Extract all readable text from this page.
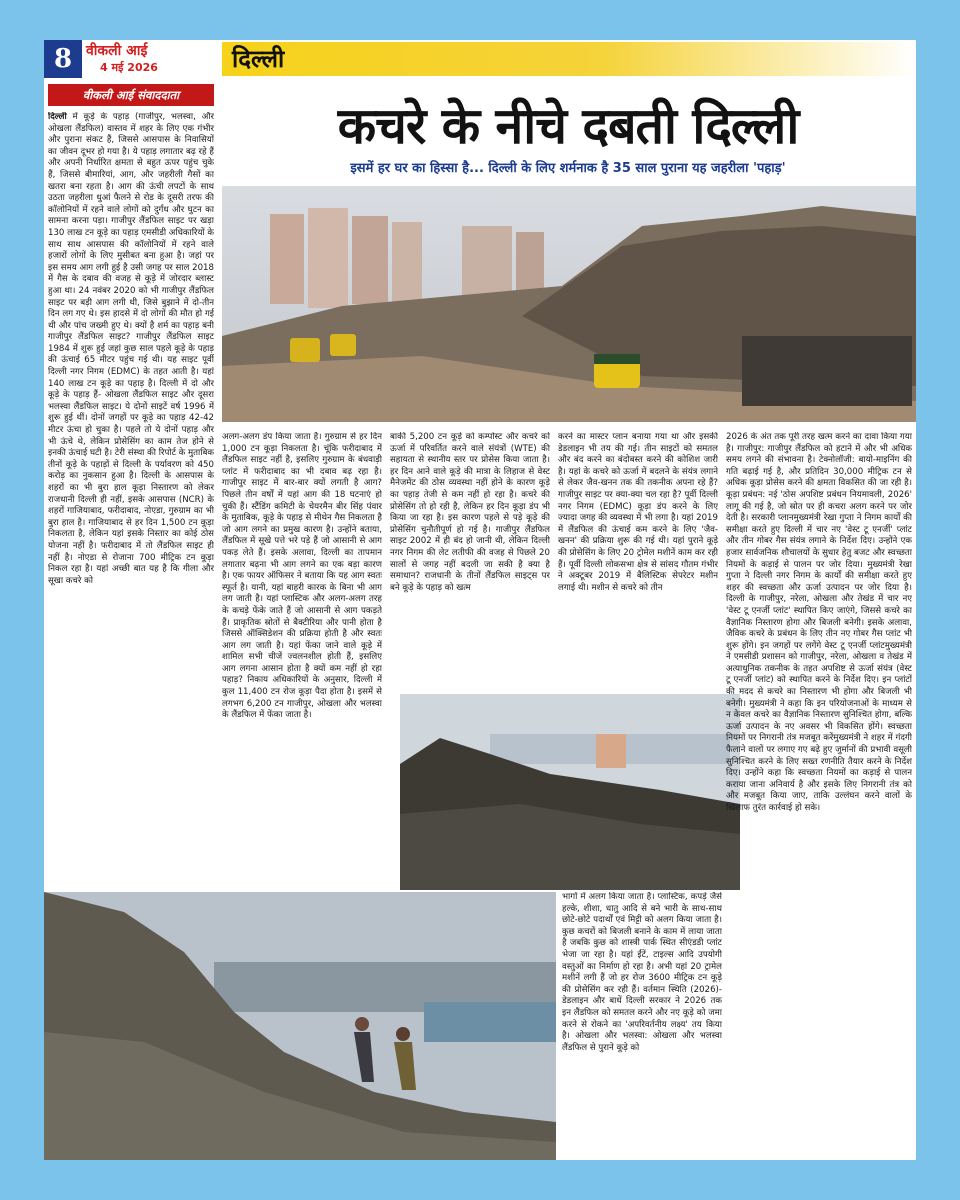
8 वीकली आई
4 मई 2026	दिल्ली
वीकली आई संवाददाता
कचरे के नीचे दबती दिल्ली
इसमें हर घर का हिस्सा है... दिल्ली के लिए शर्मनाक है 35 साल पुराना यह जहरीला 'पहाड़'

दिल्ली में कूड़े के पहाड़ (गाजीपुर, भलस्वा, और ओखला लैंडफिल) वास्तव में शहर के लिए एक गंभीर और पुराना संकट हैं, जिससे आसपास के निवासियों का जीवन दूभर हो गया है। ये पहाड़ लगातार बढ़ रहे हैं और अपनी निर्धारित क्षमता से बहुत ऊपर पहुंच चुके हैं, जिससे बीमारियां, आग, और जहरीली गैसों का खतरा बना रहता है। आग की ऊंची लपटों के साथ उठता जहरीला धुआं फैलने से रोड के दूसरी तरफ की कॉलोनियों में रहने वाले लोगों को दुर्गंध और घुटन का सामना करना पड़ा। गाजीपुर लैंडफिल साइट पर खड़ा 130 लाख टन कूड़े का पहाड़ एमसीडी अधिकारियों के साथ साथ आसपास की कॉलोनियों में रहने वाले हजारों लोगों के लिए मुसीबत बना हुआ है। जहां पर इस समय आग लगी हुई है उसी जगह पर साल 2018 में गैस के दबाव की वजह से कूड़े में जोरदार ब्लास्ट हुआ था। 24 नवंबर 2020 को भी गाजीपुर लैंडफिल साइट पर बड़ी आग लगी थी, जिसे बुझाने में दो-तीन दिन लग गए थे। इस हादसे में दो लोगों की मौत हो गई थी और पांच जख्मी हुए थे। क्यों है शर्म का पहाड़ बनी गाजीपुर लैंडफिल साइट? गाजीपुर लैंडफिल साइट 1984 में शुरू हुई जहां कुछ साल पहले कूड़े के पहाड़ की ऊंचाई 65 मीटर पहुंच गई थी। यह साइट पूर्वी दिल्ली नगर निगम (EDMC) के तहत आती है। यहां 140 लाख टन कूड़े का पहाड़ है। दिल्ली में दो और कूड़े के पहाड़ हैं- ओखला लैंडफिल साइट और दूसरा भलस्वा लैंडफिल साइट। ये दोनों साइटें वर्ष 1996 में शुरू हुई थीं। दोनों जगहों पर कूड़े का पहाड़ 42-42 मीटर ऊंचा हो चुका है। पहले तो ये दोनों पहाड़ और भी ऊंचे थे, लेकिन प्रोसेसिंग का काम तेज होने से इनकी ऊंचाई घटी है। टेरी संस्था की रिपोर्ट के मुताबिक तीनों कूड़े के पहाड़ों से दिल्ली के पर्यावरण को 450 करोड़ का नुकसान हुआ है। दिल्ली के आसपास के शहरों का भी बुरा हाल कूड़ा निस्तारण को लेकर राजधानी दिल्ली ही नहीं, इसके आसपास (NCR) के शहरों गाजियाबाद, फरीदाबाद, नोएडा, गुरुग्राम का भी बुरा हाल है। गाजियाबाद से हर दिन 1,500 टन कूड़ा निकलता है, लेकिन यहां इसके निस्तार का कोई ठोस योजना नहीं है। फरीदाबाद में तो लैंडफिल साइट ही नहीं है। नोएडा से रोजाना 700 मीट्रिक टन कूड़ा निकल रहा है। यहां अच्छी बात यह है कि गीला और सूखा कचरे को

अलग-अलग डंप किया जाता है। गुरुग्राम से हर दिन 1,000 टन कूड़ा निकलता है। चूंकि फरीदाबाद में लैंडफिल साइट नहीं है, इसलिए गुरुग्राम के बंधवाड़ी प्लांट में फरीदाबाद का भी दबाव बढ़ रहा है। गाजीपुर साइट में बार-बार क्यों लगती है आग? पिछले तीन वर्षों में यहां आग की 18 घटनाएं हो चुकी हैं। स्टैंडिंग कमिटी के चेयरमैन बीर सिंह पंवार के मुताबिक, कूड़े के पहाड़ से मीथेन गैस निकलता है जो आग लगने का प्रमुख कारण है। उन्होंने बताया, लैंडफिल में सूखे पत्ते भरे पड़े हैं जो आसानी से आग पकड़ लेते हैं। इसके अलावा, दिल्ली का तापमान लगातार बढ़ना भी आग लगने का एक बड़ा कारण है। एक फायर ऑफिसर ने बताया कि यह आग स्वतः स्फूर्त है। यानी, यहां बाहरी कारक के बिना भी आग लग जाती है। यहां प्लास्टिक और अलग-अलग तरह के कचड़े फेंके जाते हैं जो आसानी से आग पकड़ते हैं। प्राकृतिक स्रोतों से बैक्टीरिया और पानी होता है जिससे ऑक्सिडेशन की प्रक्रिया होती है और स्वतः आग लग जाती है। यहां फेंका जाने वाले कूड़े में शामिल सभी चीजें ज्वलनशील होती हैं, इसलिए आग लगना आसान होता है क्यों कम नहीं हो रहा पहाड़? निकाय अधिकारियों के अनुसार, दिल्ली में कुल 11,400 टन रोज कूड़ा पैदा होता है। इसमें से लगभग 6,200 टन गाजीपुर, ओखला और भलस्वा के लैंडफिल में फेंका जाता है।

बाकी 5,200 टन कूड़े को कम्पोस्ट और कचरे को ऊर्जा में परिवर्तित करने वाले संयंत्रों (WTE) की सहायता से स्थानीय स्तर पर प्रोसेस किया जाता है। हर दिन आने वाले कूड़े की मात्रा के लिहाज से वेस्ट मैनेजमेंट की ठोस व्यवस्था नहीं होने के कारण कूड़े का पहाड़ तेजी से कम नहीं हो रहा है। कचरे की प्रोसेसिंग तो हो रही है, लेकिन हर दिन कूड़ा डंप भी किया जा रहा है। इस कारण पहले से पड़े कूड़े की प्रोसेसिंग चुनौतीपूर्ण हो गई है। गाजीपुर लैंडफिल साइट 2002 में ही बंद हो जानी थी, लेकिन दिल्ली नगर निगम की लेट लतीफी की वजह से पिछले 20 सालों से जगह नहीं बदली जा सकी है क्या है समाधान? राजधानी के तीनों लैंडफिल साइट्स पर बने कूड़े के पहाड़ को खत्म

करने का मास्टर प्लान बनाया गया था और इसकी डेडलाइन भी तय की गई। तीन साइटों को समतल और बंद करने का बंदोबस्त करने की कोशिश जारी है। यहां के कचरे को ऊर्जा में बदलने के संयंत्र लगाने से लेकर जैव-खनन तक की तकनीक अपना रहे हैं? गाजीपुर साइट पर क्या-क्या चल रहा है? पूर्वी दिल्ली नगर निगम (EDMC) कूड़ा डंप करने के लिए ज्यादा जगह की व्यवस्था में भी लगा है। यहां 2019 में लैंडफिल की ऊंचाई कम करने के लिए 'जैव-खनन' की प्रक्रिया शुरू की गई थी। यहां पुराने कूड़े की प्रोसेसिंग के लिए 20 ट्रोमेल मशीनें काम कर रही हैं। पूर्वी दिल्ली लोकसभा क्षेत्र से सांसद गौतम गंभीर ने अक्टूबर 2019 में बैलिस्टिक सेपरेटर मशीन लगाई थी। मशीन से कचरे को तीन

2026 के अंत तक पूरी तरह खत्म करने का दावा किया गया है। गाजीपुर: गाजीपुर लैंडफिल को हटाने में और भी अधिक समय लगने की संभावना है। टेक्नोलॉजी: बायो-माइनिंग की गति बढ़ाई गई है, और प्रतिदिन 30,000 मीट्रिक टन से अधिक कूड़ा प्रोसेस करने की क्षमता विकसित की जा रही है। कूड़ा प्रबंधन: नई 'ठोस अपशिष्ट प्रबंधन नियमावली, 2026' लागू की गई है, जो स्रोत पर ही कचरा अलग करने पर जोर देती है। सरकारी प्लानमुख्यमंत्री रेखा गुप्ता ने निगम कार्यों की समीक्षा करते हुए दिल्ली में चार नए 'वेस्ट टू एनर्जी' प्लांट और तीन गोबर गैस संयंत्र लगाने के निर्देश दिए। उन्होंने एक हजार सार्वजनिक शौचालयों के सुधार हेतु बजट और स्वच्छता नियमों के कड़ाई से पालन पर जोर दिया। मुख्यमंत्री रेखा गुप्ता ने दिल्ली नगर निगम के कार्यों की समीक्षा करते हुए शहर की स्वच्छता और ऊर्जा उत्पादन पर जोर दिया है। दिल्ली के गाजीपुर, नरेला, ओखला और तेखंड में चार नए 'वेस्ट टू एनर्जी प्लांट' स्थापित किए जाएंगे, जिससे कचरे का वैज्ञानिक निस्तारण होगा और बिजली बनेगी। इसके अलावा, जैविक कचरे के प्रबंधन के लिए तीन नए गोबर गैस प्लांट भी शुरू होंगे। इन जगहों पर लगेंगे वेस्ट टू एनर्जी प्लांटमुख्यमंत्री ने एमसीडी प्रशासन को गाजीपुर, नरेला, ओखला व तेखंड में अत्याधुनिक तकनीक के तहत अपशिष्ट से ऊर्जा संयंत्र (वेस्ट टू एनर्जी प्लांट) को स्थापित करने के निर्देश दिए। इन प्लांटों की मदद से कचरे का निस्तारण भी होगा और बिजली भी बनेगी। मुख्यमंत्री ने कहा कि इन परियोजनाओं के माध्यम से न केवल कचरे का वैज्ञानिक निस्तारण सुनिश्चित होगा, बल्कि ऊर्जा उत्पादन के नए अवसर भी विकसित होंगे। स्वच्छता नियमों पर निगरानी तंत्र मजबूत करेंमुख्यमंत्री ने शहर में गंदगी फैलाने वालों पर लगाए गए बढ़े हुए जुर्मानों की प्रभावी वसूली सुनिश्चित करने के लिए सख्त रणनीति तैयार करने के निर्देश दिए। उन्होंने कहा कि स्वच्छता नियमों का कड़ाई से पालन कराया जाना अनिवार्य है और इसके लिए निगरानी तंत्र को और मजबूत किया जाए, ताकि उल्लंघन करने वालों के खिलाफ तुरंत कार्रवाई हो सके।

भागों में अलग किया जाता है। प्लास्टिक, कपड़े जैसे हल्के, शीशा, धातु आदि से बने भारी के साथ-साथ छोटे-छोटे पदार्थों एवं मिट्टी को अलग किया जाता है। कुछ कचरों को बिजली बनाने के काम में लाया जाता है जबकि कुछ को शास्त्री पार्क स्थित सीएंडडी प्लांट भेजा जा रहा है। यहां ईंटें, टाइल्स आदि उपयोगी वस्तुओं का निर्माण हो रहा है। अभी यहां 20 ट्रामेल मशीनें लगी हैं जो हर रोज 3600 मीट्रिक टन कूड़े की प्रोसेसिंग कर रही हैं। वर्तमान स्थिति (2026)- डेडलाइन और बाधें दिल्ली सरकार ने 2026 तक इन लैंडफिल को समतल करने और नए कूड़े को जमा करने से रोकने का 'अपरिवर्तनीय लक्ष्य' तय किया है। ओखला और भलस्वा: ओखला और भलस्वा लैंडफिल से पुराने कूड़े को
